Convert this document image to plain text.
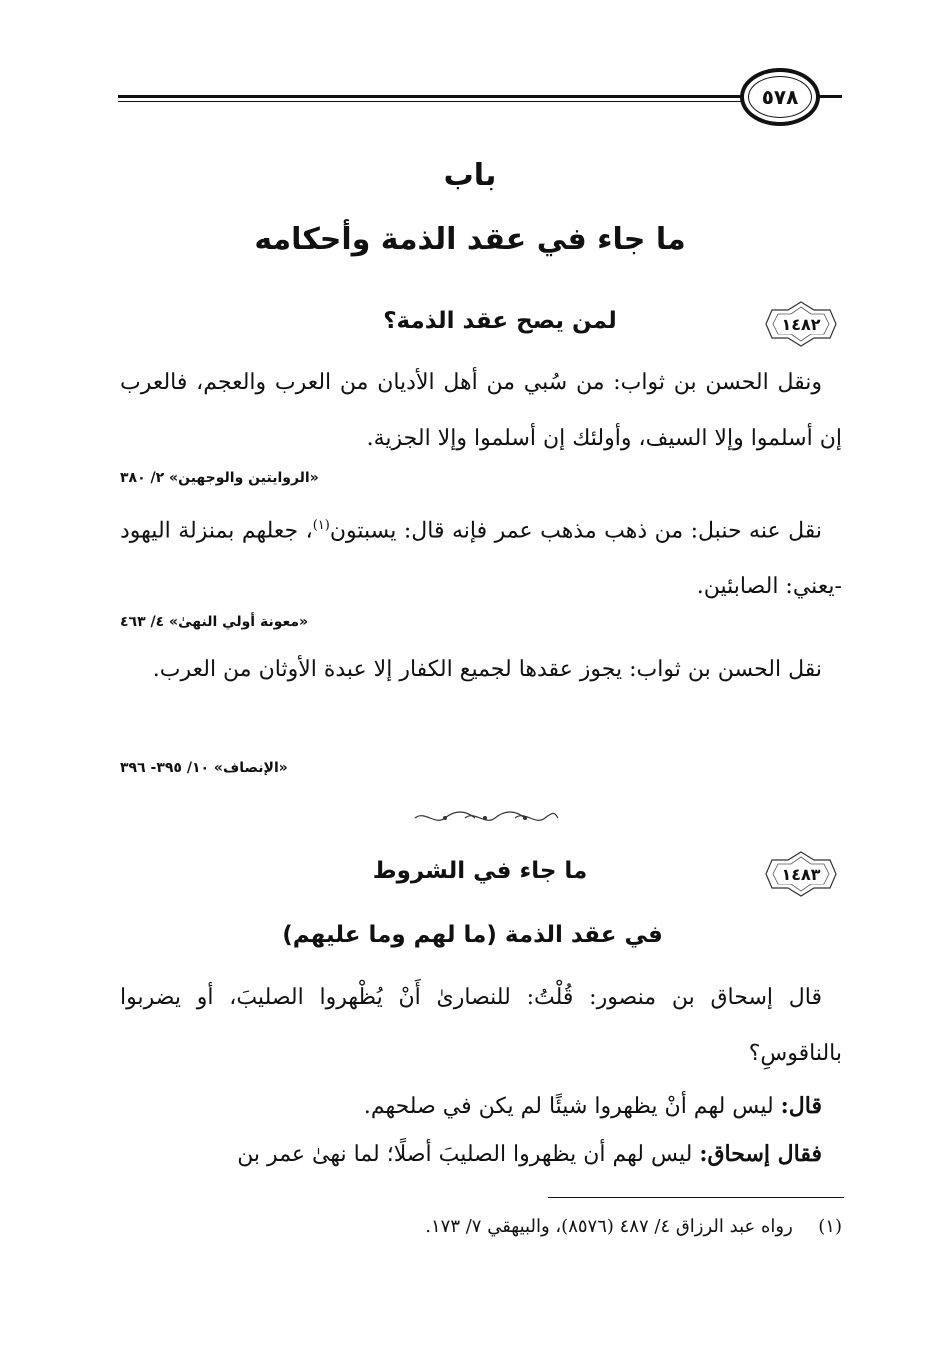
٥٧٨
باب
ما جاء في عقد الذمة وأحكامه
١٤٨٢
لمن يصح عقد الذمة؟
ونقل الحسن بن ثواب: من سُبي من أهل الأديان من العرب والعجم، فالعرب إن أسلموا وإلا السيف، وأولئك إن أسلموا وإلا الجزية.
«الروايتين والوجهين» ٢/ ٣٨٠
نقل عنه حنبل: من ذهب مذهب عمر فإنه قال: يسبتون$^{(١)}$، جعلهم بمنزلة اليهود -يعني: الصابئين.
«معونة أولي النهىٰ» ٤/ ٤٦٣
نقل الحسن بن ثواب: يجوز عقدها لجميع الكفار إلا عبدة الأوثان من العرب.
«الإنصاف» ١٠/ ٣٩٥- ٣٩٦
١٤٨٣
ما جاء في الشروط
في عقد الذمة (ما لهم وما عليهم)
قال إسحاق بن منصور: قُلْتُ: للنصارىٰ أَنْ يُظْهروا الصليبَ، أو يضربوا بالناقوسِ؟
قال: ليس لهم أنْ يظهروا شيئًا لم يكن في صلحهم.
فقال إسحاق: ليس لهم أن يظهروا الصليبَ أصلًا؛ لما نهىٰ عمر بن
(١)  رواه عبد الرزاق ٤/ ٤٨٧ (٨٥٧٦)، والبيهقي ٧/ ١٧٣.
